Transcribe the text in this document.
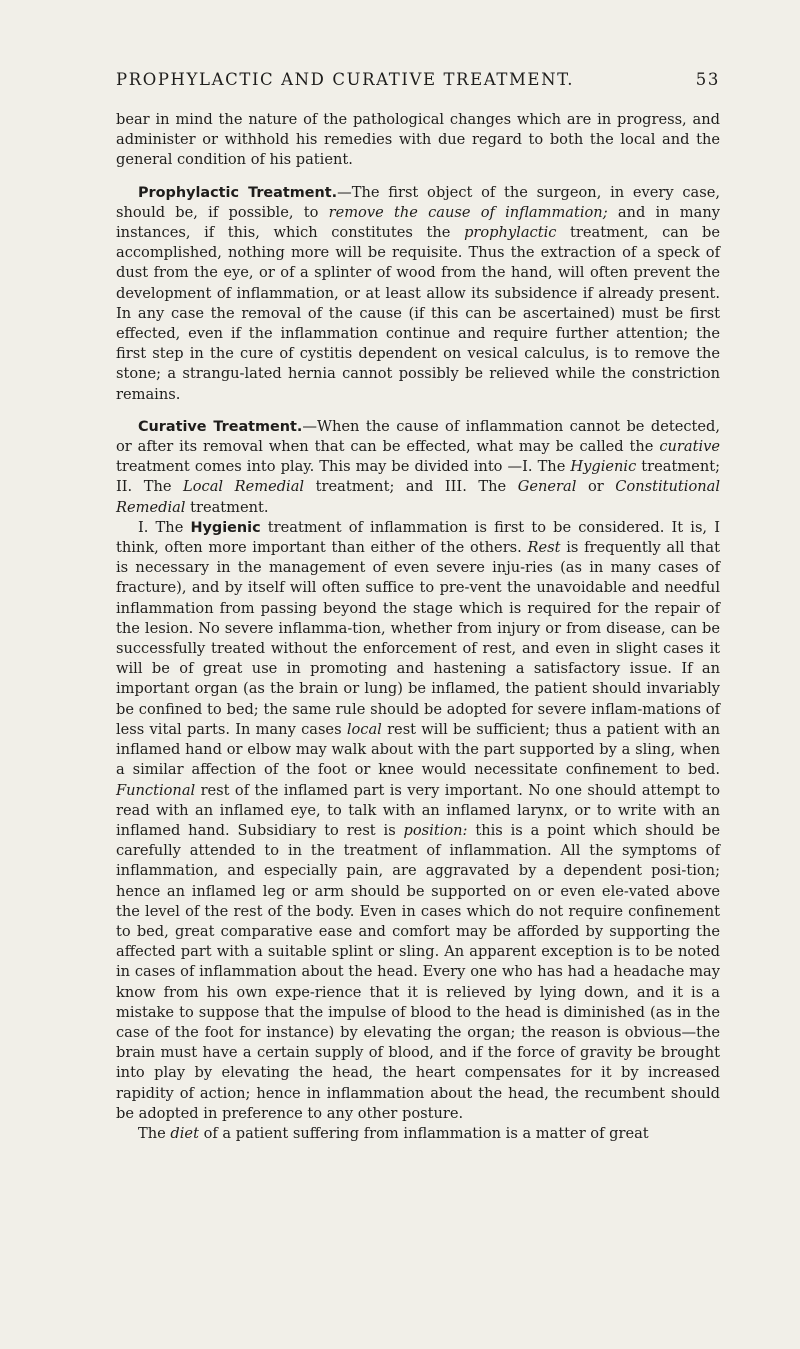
PROPHYLACTIC AND CURATIVE TREATMENT.	53

bear in mind the nature of the pathological changes which are in progress, and administer or withhold his remedies with due regard to both the local and the general condition of his patient.

Prophylactic Treatment.—The first object of the surgeon, in every case, should be, if possible, to remove the cause of inflammation; and in many instances, if this, which constitutes the prophylactic treatment, can be accomplished, nothing more will be requisite. Thus the extraction of a speck of dust from the eye, or of a splinter of wood from the hand, will often prevent the development of inflammation, or at least allow its subsidence if already present. In any case the removal of the cause (if this can be ascertained) must be first effected, even if the inflammation continue and require further attention; the first step in the cure of cystitis dependent on vesical calculus, is to remove the stone; a strangu-lated hernia cannot possibly be relieved while the constriction remains.

Curative Treatment.—When the cause of inflammation cannot be detected, or after its removal when that can be effected, what may be called the curative treatment comes into play. This may be divided into —I. The Hygienic treatment; II. The Local Remedial treatment; and III. The General or Constitutional Remedial treatment.

I. The Hygienic treatment of inflammation is first to be considered. It is, I think, often more important than either of the others. Rest is frequently all that is necessary in the management of even severe inju-ries (as in many cases of fracture), and by itself will often suffice to pre-vent the unavoidable and needful inflammation from passing beyond the stage which is required for the repair of the lesion. No severe inflamma-tion, whether from injury or from disease, can be successfully treated without the enforcement of rest, and even in slight cases it will be of great use in promoting and hastening a satisfactory issue. If an important organ (as the brain or lung) be inflamed, the patient should invariably be confined to bed; the same rule should be adopted for severe inflam-mations of less vital parts. In many cases local rest will be sufficient; thus a patient with an inflamed hand or elbow may walk about with the part supported by a sling, when a similar affection of the foot or knee would necessitate confinement to bed. Functional rest of the inflamed part is very important. No one should attempt to read with an inflamed eye, to talk with an inflamed larynx, or to write with an inflamed hand. Subsidiary to rest is position: this is a point which should be carefully attended to in the treatment of inflammation. All the symptoms of inflammation, and especially pain, are aggravated by a dependent posi-tion; hence an inflamed leg or arm should be supported on or even ele-vated above the level of the rest of the body. Even in cases which do not require confinement to bed, great comparative ease and comfort may be afforded by supporting the affected part with a suitable splint or sling. An apparent exception is to be noted in cases of inflammation about the head. Every one who has had a headache may know from his own expe-rience that it is relieved by lying down, and it is a mistake to suppose that the impulse of blood to the head is diminished (as in the case of the foot for instance) by elevating the organ; the reason is obvious—the brain must have a certain supply of blood, and if the force of gravity be brought into play by elevating the head, the heart compensates for it by increased rapidity of action; hence in inflammation about the head, the recumbent should be adopted in preference to any other posture.

The diet of a patient suffering from inflammation is a matter of great
